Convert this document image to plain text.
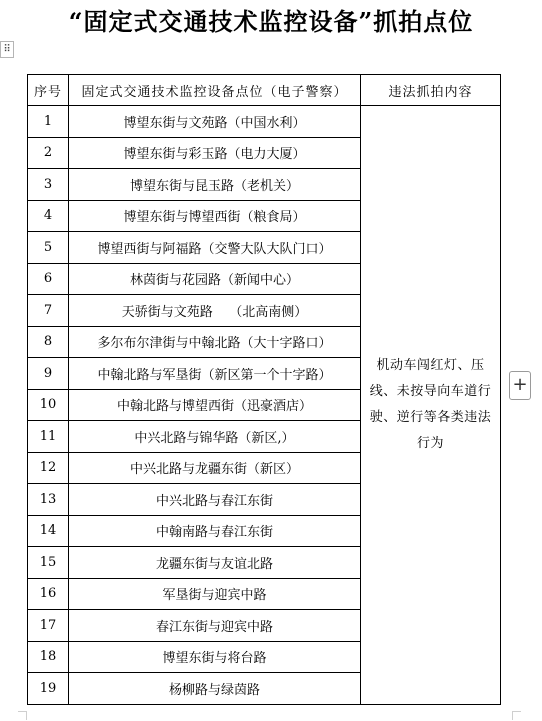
“固定式交通技术监控设备”抓拍点位
⠿
序号	固定式交通技术监控设备点位（电子警察）	违法抓拍内容
1	博望东街与文苑路（中国水利）	机动车闯红灯、压线、未按导向车道行驶、逆行等各类违法行为
2	博望东街与彩玉路（电力大厦）	
3	博望东街与昆玉路（老机关）	
4	博望东街与博望西街（粮食局）	
5	博望西街与阿福路（交警大队大队门口）	
6	林茵街与花园路（新闻中心）	
7	天骄街与文苑路    （北高南侧）	
8	多尔布尔津街与中翰北路（大十字路口）	
9	中翰北路与军垦街（新区第一个十字路）	
10	中翰北路与博望西街（迅豪酒店）	
11	中兴北路与锦华路（新区,）	
12	中兴北路与龙疆东街（新区）	
13	中兴北路与春江东街	
14	中翰南路与春江东街	
15	龙疆东街与友谊北路	
16	军垦街与迎宾中路	
17	春江东街与迎宾中路	
18	博望东街与将台路	
19	杨柳路与绿茵路	
+
